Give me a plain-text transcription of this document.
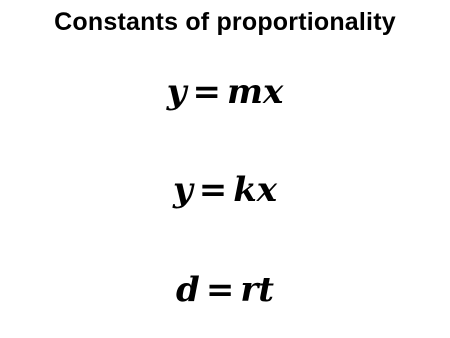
Constants of proportionality
y = mx
y = kx
d = rt
